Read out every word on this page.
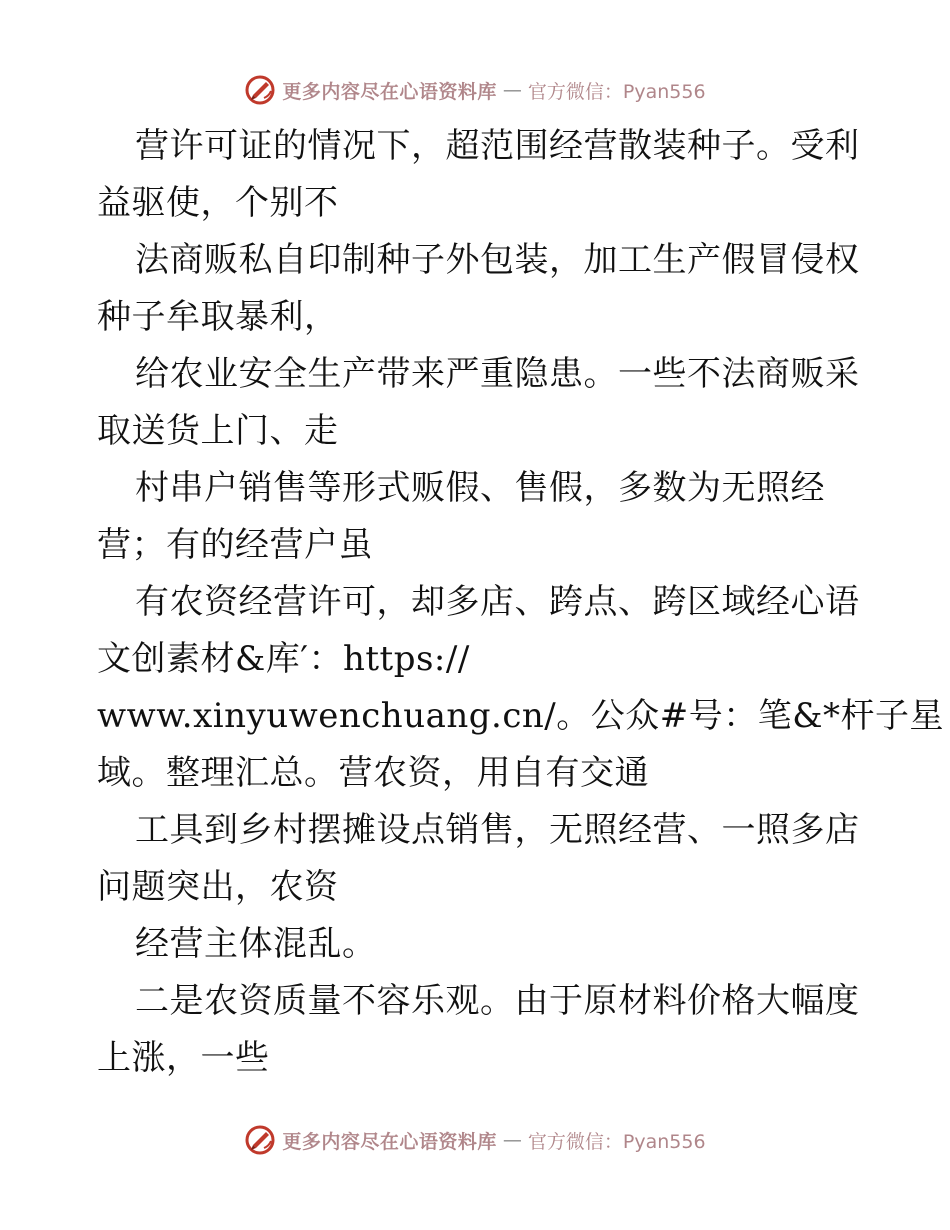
更多内容尽在心语资料库 — 官方微信：Pyan556
营许可证的情况下，超范围经营散装种子。受利
益驱使，个别不
法商贩私自印制种子外包装，加工生产假冒侵权
种子牟取暴利，
给农业安全生产带来严重隐患。一些不法商贩采
取送货上门、走
村串户销售等形式贩假、售假，多数为无照经
营；有的经营户虽
有农资经营许可，却多店、跨点、跨区域经心语
文创素材&库′：https://
www.xinyuwenchuang.cn/。公众#号：笔&*杆子星
域。整理汇总。营农资，用自有交通
工具到乡村摆摊设点销售，无照经营、一照多店
问题突出，农资
经营主体混乱。
二是农资质量不容乐观。由于原材料价格大幅度
上涨，一些
更多内容尽在心语资料库 — 官方微信：Pyan556
